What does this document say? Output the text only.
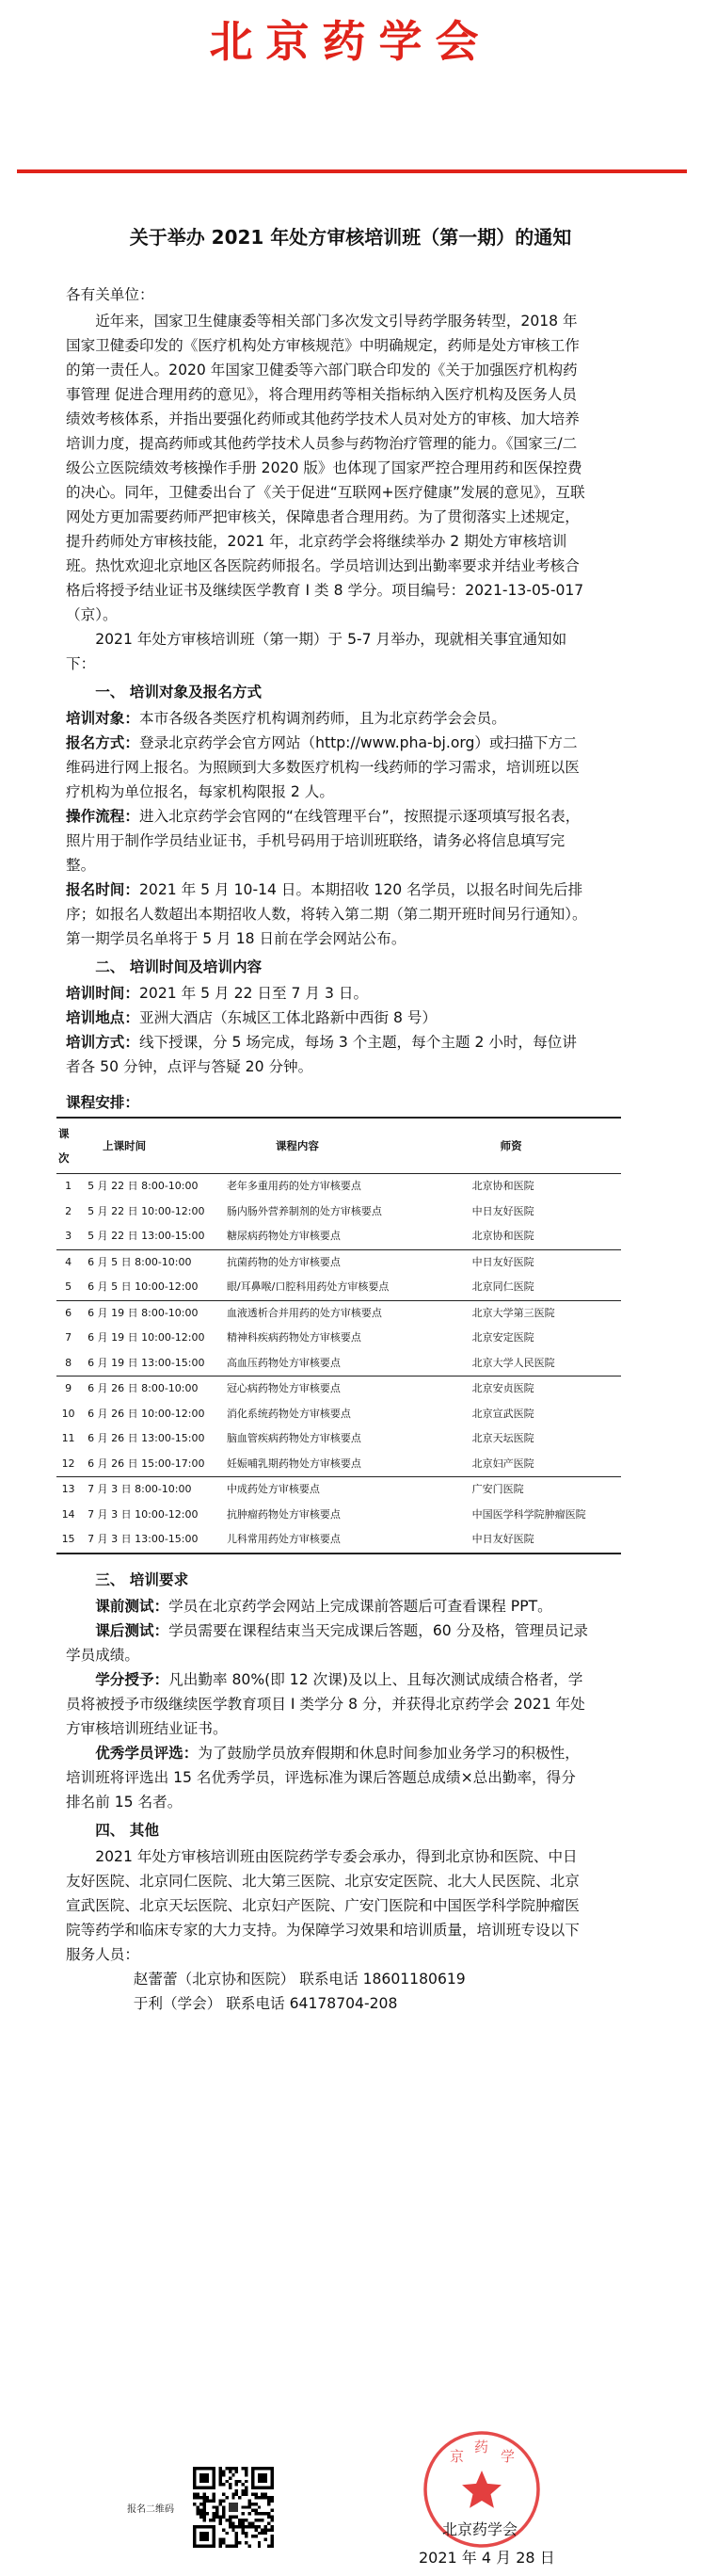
北京药学会
关于举办 2021 年处方审核培训班（第一期）的通知

各有关单位：

近年来，国家卫生健康委等相关部门多次发文引导药学服务转型，2018 年国家卫健委印发的《医疗机构处方审核规范》中明确规定，药师是处方审核工作的第一责任人。2020 年国家卫健委等六部门联合印发的《关于加强医疗机构药事管理 促进合理用药的意见》，将合理用药等相关指标纳入医疗机构及医务人员绩效考核体系，并指出要强化药师或其他药学技术人员对处方的审核、加大培养培训力度，提高药师或其他药学技术人员参与药物治疗管理的能力。《国家三/二级公立医院绩效考核操作手册 2020 版》也体现了国家严控合理用药和医保控费的决心。同年，卫健委出台了《关于促进“互联网+医疗健康”发展的意见》，互联网处方更加需要药师严把审核关，保障患者合理用药。为了贯彻落实上述规定，提升药师处方审核技能，2021 年，北京药学会将继续举办 2 期处方审核培训班。热忱欢迎北京地区各医院药师报名。学员培训达到出勤率要求并结业考核合格后将授予结业证书及继续医学教育 I 类 8 学分。项目编号：2021-13-05-017（京）。

2021 年处方审核培训班（第一期）于 5-7 月举办，现就相关事宜通知如下：

一、 培训对象及报名方式

培训对象：本市各级各类医疗机构调剂药师，且为北京药学会会员。

报名方式：登录北京药学会官方网站（http://www.pha-bj.org）或扫描下方二维码进行网上报名。为照顾到大多数医疗机构一线药师的学习需求，培训班以医疗机构为单位报名，每家机构限报 2 人。

操作流程：进入北京药学会官网的“在线管理平台”，按照提示逐项填写报名表，照片用于制作学员结业证书，手机号码用于培训班联络，请务必将信息填写完整。

报名时间：2021 年 5 月 10-14 日。本期招收 120 名学员，以报名时间先后排序；如报名人数超出本期招收人数，将转入第二期（第二期开班时间另行通知）。

第一期学员名单将于 5 月 18 日前在学会网站公布。

二、 培训时间及培训内容

培训时间：2021 年 5 月 22 日至 7 月 3 日。

培训地点：亚洲大酒店（东城区工体北路新中西街 8 号）

培训方式：线下授课，分 5 场完成，每场 3 个主题，每个主题 2 小时，每位讲者各 50 分钟，点评与答疑 20 分钟。

课程安排：

课次	上课时间	课程内容	师资
1	5 月 22 日 8:00-10:00	老年多重用药的处方审核要点	北京协和医院
2	5 月 22 日 10:00-12:00	肠内肠外营养制剂的处方审核要点	中日友好医院
3	5 月 22 日 13:00-15:00	糖尿病药物处方审核要点	北京协和医院
4	6 月 5 日 8:00-10:00	抗菌药物的处方审核要点	中日友好医院
5	6 月 5 日 10:00-12:00	眼/耳鼻喉/口腔科用药处方审核要点	北京同仁医院
6	6 月 19 日 8:00-10:00	血液透析合并用药的处方审核要点	北京大学第三医院
7	6 月 19 日 10:00-12:00	精神科疾病药物处方审核要点	北京安定医院
8	6 月 19 日 13:00-15:00	高血压药物处方审核要点	北京大学人民医院
9	6 月 26 日 8:00-10:00	冠心病药物处方审核要点	北京安贞医院
10	6 月 26 日 10:00-12:00	消化系统药物处方审核要点	北京宣武医院
11	6 月 26 日 13:00-15:00	脑血管疾病药物处方审核要点	北京天坛医院
12	6 月 26 日 15:00-17:00	妊娠哺乳期药物处方审核要点	北京妇产医院
13	7 月 3 日 8:00-10:00	中成药处方审核要点	广安门医院
14	7 月 3 日 10:00-12:00	抗肿瘤药物处方审核要点	中国医学科学院肿瘤医院
15	7 月 3 日 13:00-15:00	儿科常用药处方审核要点	中日友好医院

三、 培训要求

课前测试：学员在北京药学会网站上完成课前答题后可查看课程 PPT。

课后测试：学员需要在课程结束当天完成课后答题，60 分及格，管理员记录学员成绩。

学分授予：凡出勤率 80%(即 12 次课)及以上、且每次测试成绩合格者，学员将被授予市级继续医学教育项目 I 类学分 8 分，并获得北京药学会 2021 年处方审核培训班结业证书。

优秀学员评选：为了鼓励学员放弃假期和休息时间参加业务学习的积极性，培训班将评选出 15 名优秀学员，评选标准为课后答题总成绩×总出勤率，得分排名前 15 名者。

四、 其他

2021 年处方审核培训班由医院药学专委会承办，得到北京协和医院、中日友好医院、北京同仁医院、北大第三医院、北京安定医院、北大人民医院、北京宣武医院、北京天坛医院、北京妇产医院、广安门医院和中国医学科学院肿瘤医院等药学和临床专家的大力支持。为保障学习效果和培训质量，培训班专设以下服务人员：

赵蕾蕾（北京协和医院） 联系电话 18601180619

于利（学会） 联系电话 64178704-208

报名二维码
京
药
学
北京药学会
2021 年 4 月 28 日
